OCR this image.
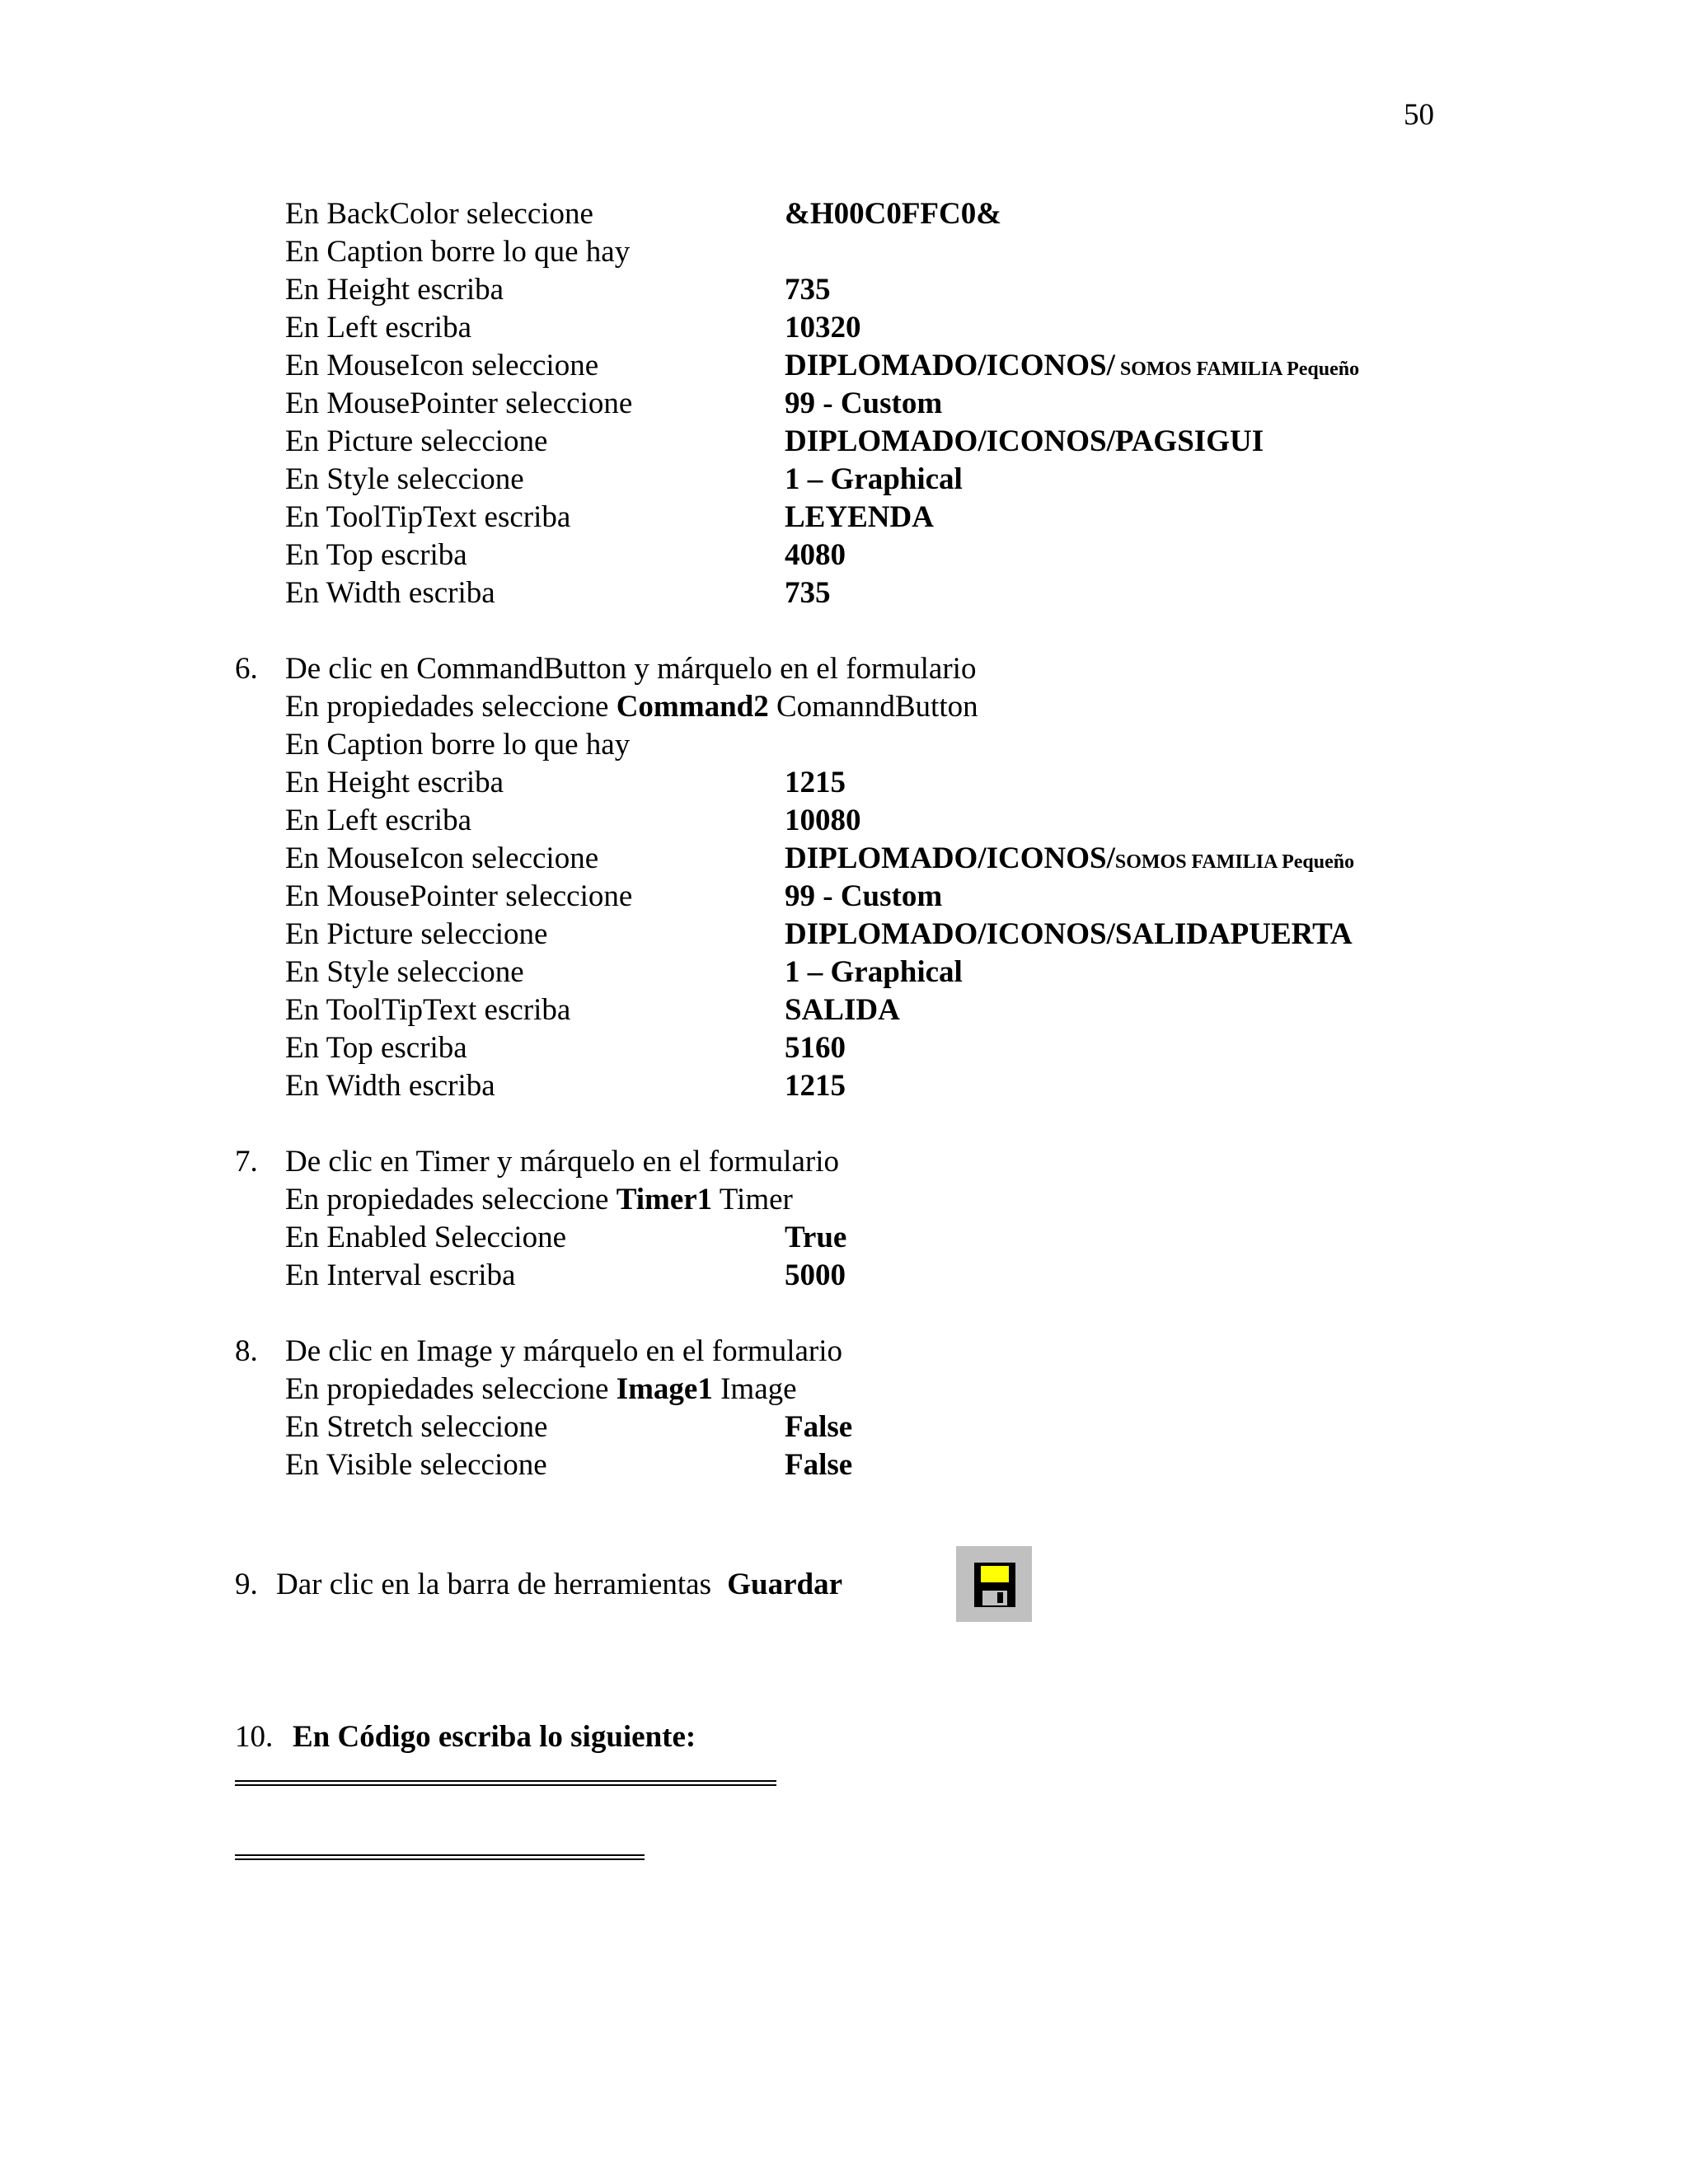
50
En BackColor seleccione	&H00C0FFC0&
En Caption borre lo que hay
En Height escriba	735
En Left escriba	10320
En MouseIcon seleccione	DIPLOMADO/ICONOS/ SOMOS FAMILIA Pequeño
En MousePointer seleccione	99 - Custom
En Picture seleccione	DIPLOMADO/ICONOS/PAGSIGUI
En Style seleccione	1 – Graphical
En ToolTipText escriba	LEYENDA
En Top escriba	4080
En Width escriba	735
6. De clic en CommandButton y márquelo en el formulario
En propiedades seleccione Command2 ComanndButton
En Caption borre lo que hay
En Height escriba	1215
En Left escriba	10080
En MouseIcon seleccione	DIPLOMADO/ICONOS/SOMOS FAMILIA Pequeño
En MousePointer seleccione	99 - Custom
En Picture seleccione	DIPLOMADO/ICONOS/SALIDAPUERTA
En Style seleccione	1 – Graphical
En ToolTipText escriba	SALIDA
En Top escriba	5160
En Width escriba	1215
7. De clic en Timer y márquelo en el formulario
En propiedades seleccione Timer1 Timer
En Enabled Seleccione	True
En Interval escriba	5000
8. De clic en Image y márquelo en el formulario
En propiedades seleccione Image1 Image
En Stretch seleccione	False
En Visible seleccione	False
9. Dar clic en la barra de herramientas Guardar
10. En Código escriba lo siguiente:
